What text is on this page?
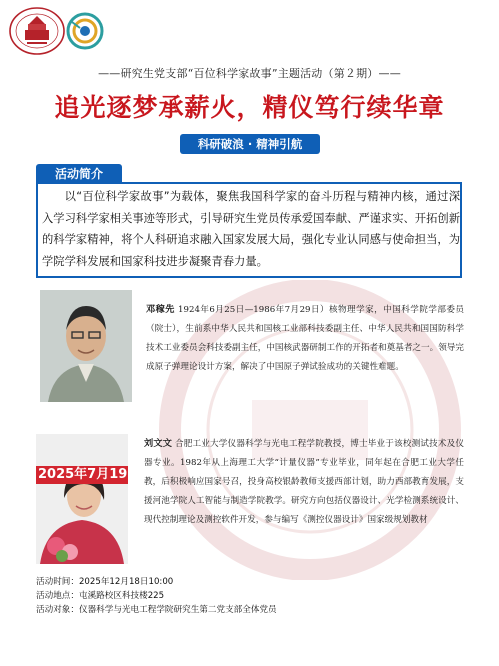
——研究生党支部“百位科学家故事”主题活动（第２期）——
追光逐梦承薪火，精仪笃行续华章
科研破浪 · 精神引航
活动简介
以“百位科学家故事”为载体，聚焦我国科学家的奋斗历程与精神内核，通过深入学习科学家相关事迹等形式，引导研究生党员传承爱国奉献、严谨求实、开拓创新的科学家精神，将个人科研追求融入国家发展大局，强化专业认同感与使命担当，为学院学科发展和国家科技进步凝聚青春力量。
邓稼先 1924年6月25日—1986年7月29日）核物理学家，中国科学院学部委员（院士），生前系中华人民共和国核工业部科技委副主任、中华人民共和国国防科学技术工业委员会科技委副主任，中国核武器研制工作的开拓者和奠基者之一。领导完成原子弹理论设计方案，解决了中国原子弹试验成功的关键性难题。
2025年7月19
刘文文 合肥工业大学仪器科学与光电工程学院教授，博士毕业于该校测试技术及仪器专业。1982年从上海理工大学“计量仪器”专业毕业，同年起在合肥工业大学任教，后积极响应国家号召，投身高校银龄教师支援西部计划，助力西部教育发展，支援河池学院人工智能与制造学院教学。研究方向包括仪器设计、光学检测系统设计、现代控制理论及测控软件开发，参与编写《测控仪器设计》国家级规划教材
活动时间：2025年12月18日10:00
活动地点：屯溪路校区科技楼225
活动对象：仪器科学与光电工程学院研究生第二党支部全体党员
